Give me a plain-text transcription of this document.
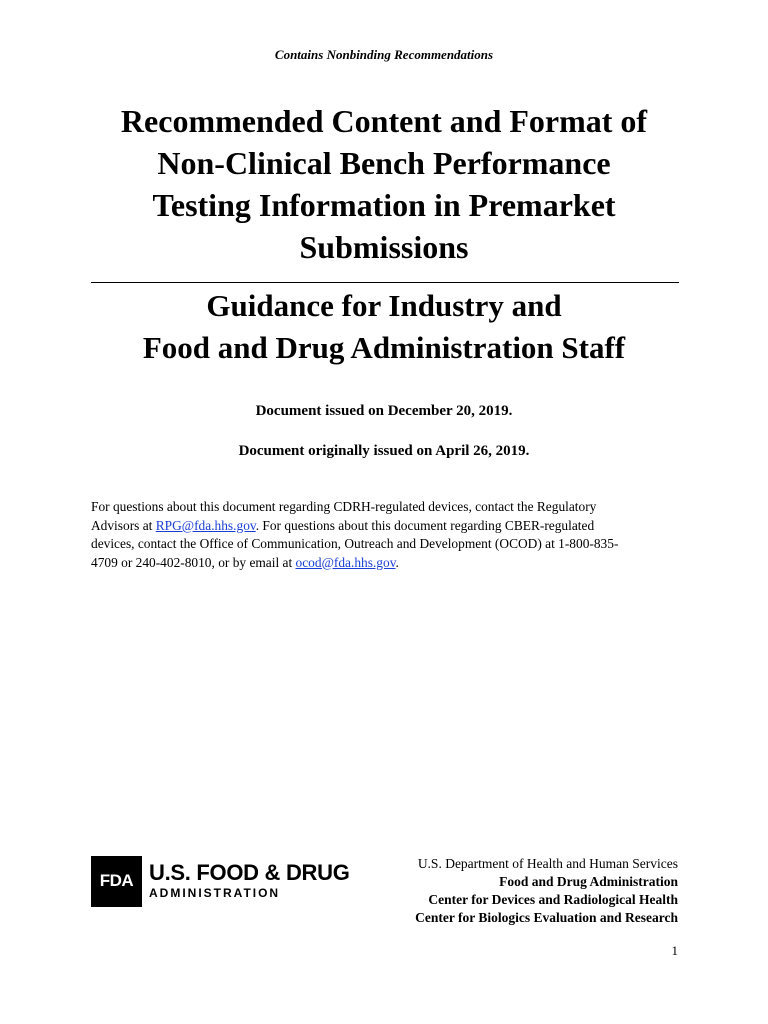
Contains Nonbinding Recommendations
Recommended Content and Format of
Non-Clinical Bench Performance
Testing Information in Premarket
Submissions
Guidance for Industry and
Food and Drug Administration Staff
Document issued on December 20, 2019.
Document originally issued on April 26, 2019.
For questions about this document regarding CDRH-regulated devices, contact the Regulatory
Advisors at RPG@fda.hhs.gov. For questions about this document regarding CBER-regulated
devices, contact the Office of Communication, Outreach and Development (OCOD) at 1-800-835-
4709 or 240-402-8010, or by email at ocod@fda.hhs.gov.
FDA U.S. FOOD & DRUG
ADMINISTRATION
U.S. Department of Health and Human Services
Food and Drug Administration
Center for Devices and Radiological Health
Center for Biologics Evaluation and Research
1
